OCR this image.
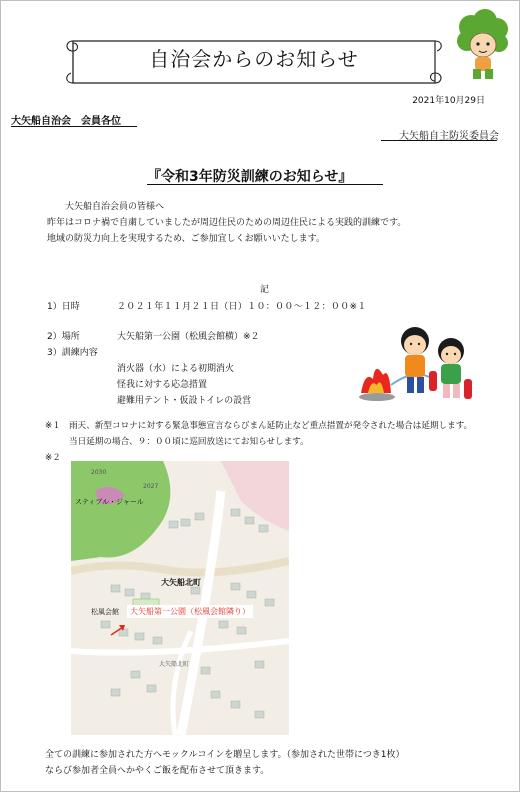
自治会からのお知らせ
2021年10月29日
大矢船自治会　会員各位
大矢船自主防災委員会
『令和3年防災訓練のお知らせ』
大矢船自治会員の皆様へ
昨年はコロナ禍で自粛していましたが周辺住民のための周辺住民による実践的訓練です。
地域の防災力向上を実現するため、ご参加宜しくお願いいたします。
記
1）日時	２０２１年１１月２１日（日）１０：００～１２：００※１
2）場所	大矢船第一公園（松風会館横）※２
3）訓練内容
消火器（水）による初期消火
怪我に対する応急措置
避難用テント・仮設トイレの設営
※１ 雨天、新型コロナに対する緊急事態宣言ならびまん延防止など重点措置が発令された場合は延期します。
当日延期の場合、９：００頃に巡回放送にてお知らせします。
※２
スティブル・ジャール
2030
2027
大矢船北町
大矢船北町
松風会館	大矢船第一公園（松風会館隣り）
全ての訓練に参加された方へモックルコインを贈呈します。（参加された世帯につき1枚）
ならび参加者全員へかやくご飯を配布させて頂きます。
